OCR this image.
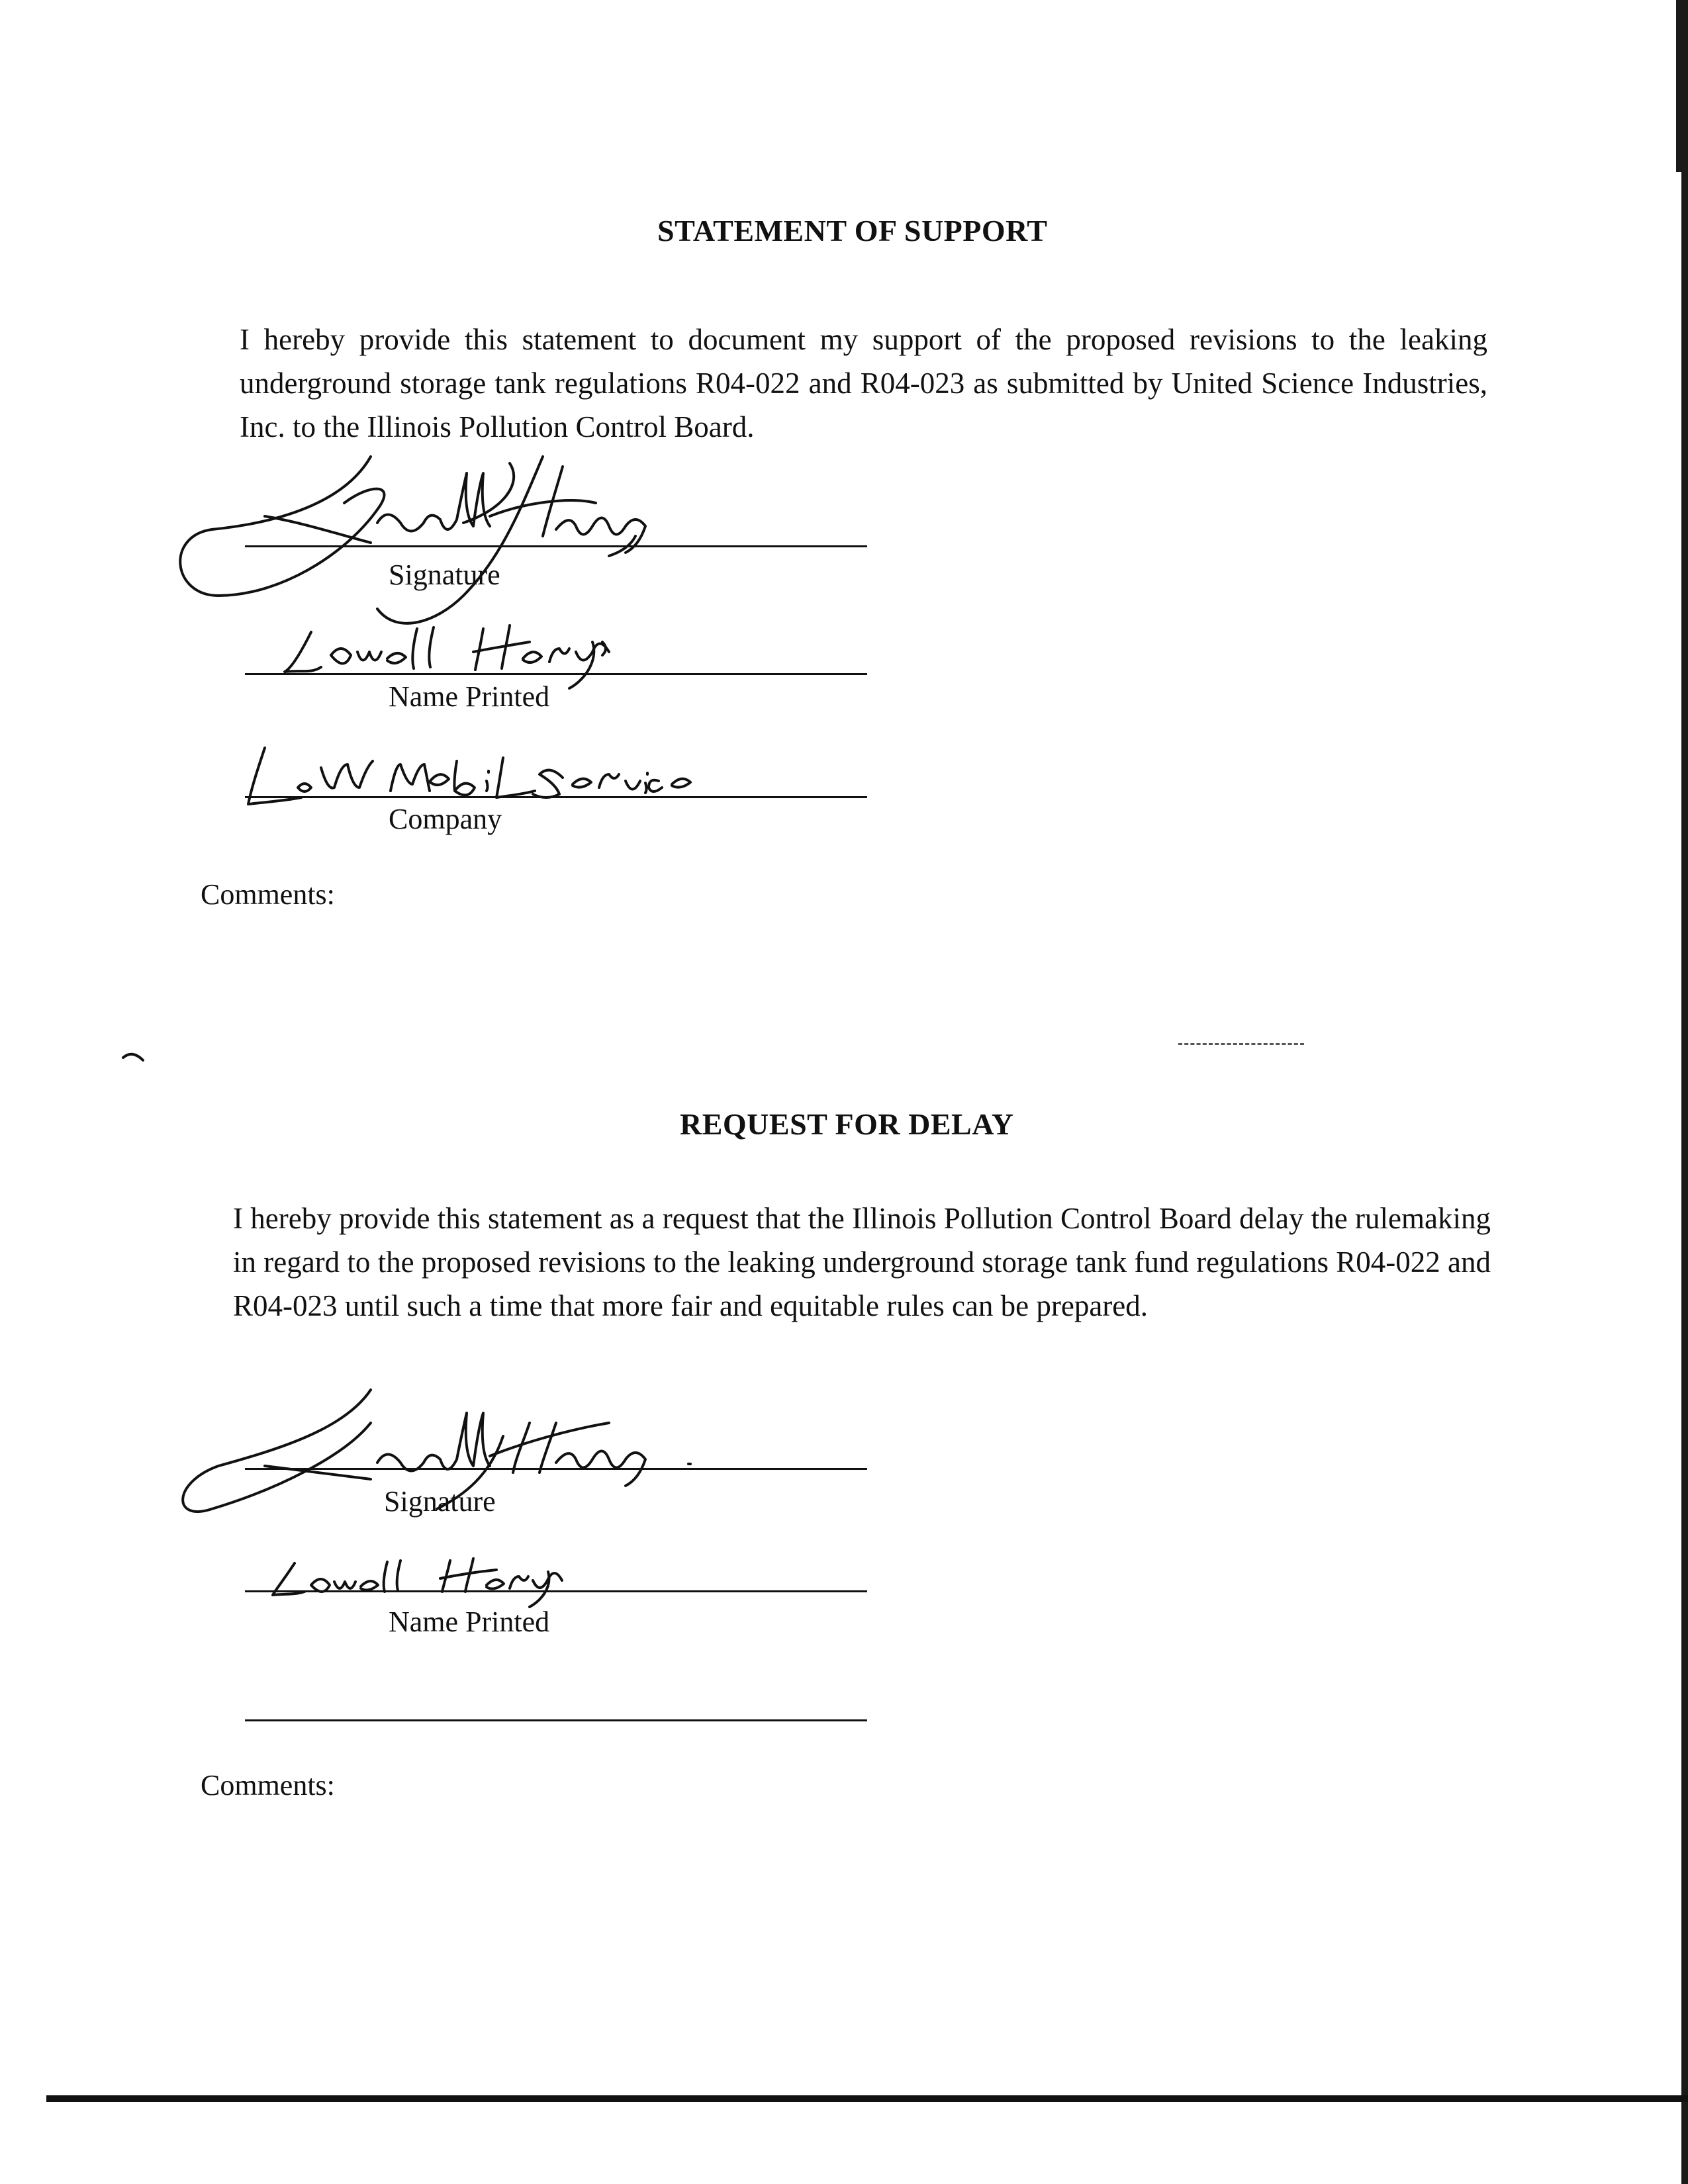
STATEMENT OF SUPPORT
I hereby provide this statement to document my support of the proposed revisions to the leaking underground storage tank regulations R04-022 and R04-023 as submitted by United Science Industries, Inc. to the Illinois Pollution Control Board.
Signature
Name Printed
Company
Comments:
REQUEST FOR DELAY
I hereby provide this statement as a request that the Illinois Pollution Control Board delay the rulemaking in regard to the proposed revisions to the leaking underground storage tank fund regulations R04-022 and R04-023 until such a time that more fair and equitable rules can be prepared.
Signature
Name Printed
Comments:
